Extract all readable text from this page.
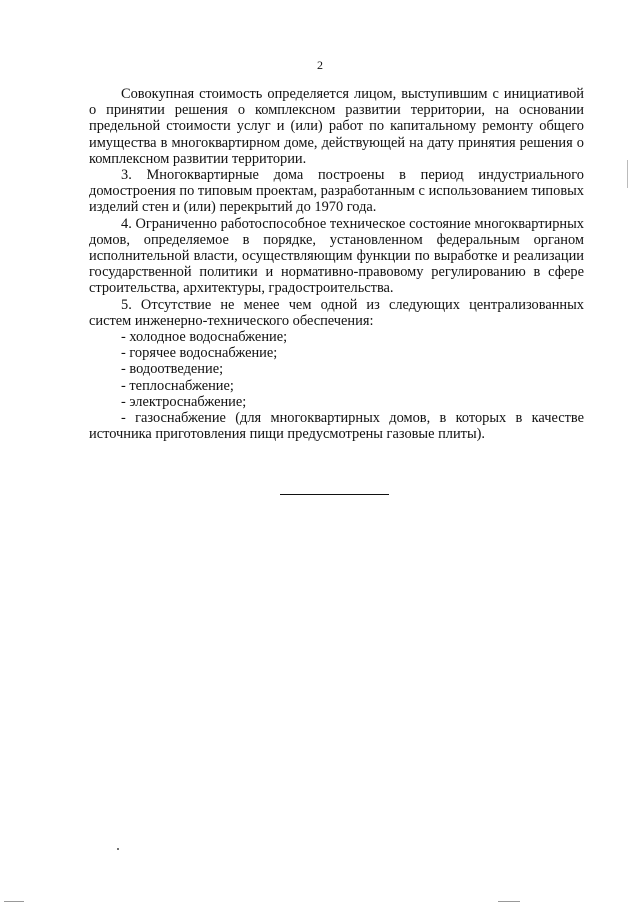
2

Совокупная стоимость определяется лицом, выступившим с инициативой о принятии решения о комплексном развитии территории, на основании предельной стоимости услуг и (или) работ по капитальному ремонту общего имущества в многоквартирном доме, действующей на дату принятия решения о комплексном развитии территории.

3. Многоквартирные дома построены в период индустриального домостроения по типовым проектам, разработанным с использованием типовых изделий стен и (или) перекрытий до 1970 года.

4. Ограниченно работоспособное техническое состояние многоквартирных домов, определяемое в порядке, установленном федеральным органом исполнительной власти, осуществляющим функции по выработке и реализации государственной политики и нормативно-правовому регулированию в сфере строительства, архитектуры, градостроительства.

5. Отсутствие не менее чем одной из следующих централизованных систем инженерно-технического обеспечения:

- холодное водоснабжение;

- горячее водоснабжение;

- водоотведение;

- теплоснабжение;

- электроснабжение;

- газоснабжение (для многоквартирных домов, в которых в качестве источника приготовления пищи предусмотрены газовые плиты).
